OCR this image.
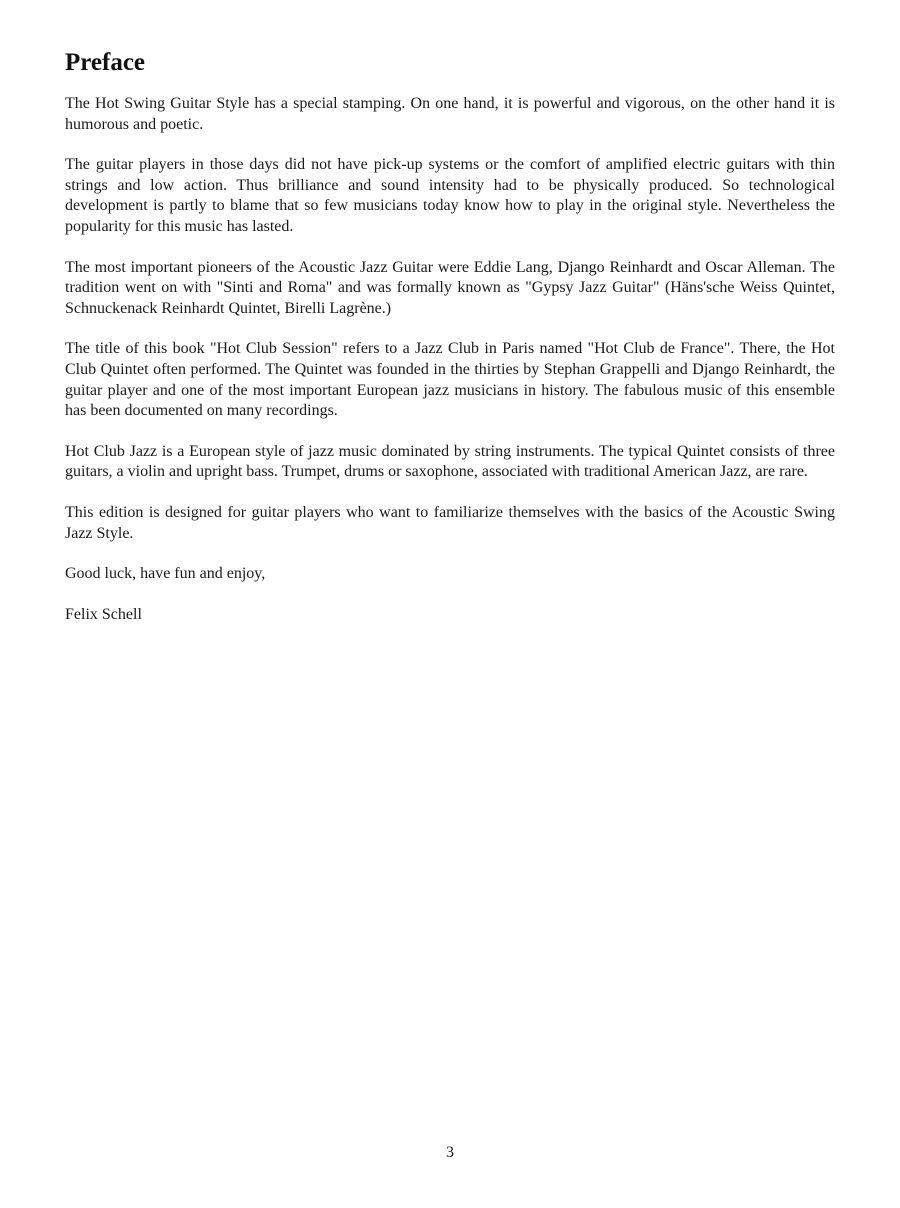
Preface

The Hot Swing Guitar Style has a special stamping. On one hand, it is powerful and vigorous, on the other hand it is humorous and poetic.

The guitar players in those days did not have pick-up systems or the comfort of amplified electric guitars with thin strings and low action. Thus brilliance and sound intensity had to be physically produced. So technological development is partly to blame that so few musicians today know how to play in the original style. Nevertheless the popularity for this music has lasted.

The most important pioneers of the Acoustic Jazz Guitar were Eddie Lang, Django Reinhardt and Oscar Alleman. The tradition went on with "Sinti and Roma" and was formally known as "Gypsy Jazz Guitar" (Häns'sche Weiss Quintet, Schnuckenack Reinhardt Quintet, Birelli Lagrène.)

The title of this book "Hot Club Session" refers to a Jazz Club in Paris named "Hot Club de France". There, the Hot Club Quintet often performed. The Quintet was founded in the thirties by Stephan Grappelli and Django Reinhardt, the guitar player and one of the most important European jazz musicians in history. The fabulous music of this ensemble has been documented on many recordings.

Hot Club Jazz is a European style of jazz music dominated by string instruments. The typical Quintet consists of three guitars, a violin and upright bass. Trumpet, drums or saxophone, associated with traditional American Jazz, are rare.

This edition is designed for guitar players who want to familiarize themselves with the basics of the Acoustic Swing Jazz Style.

Good luck, have fun and enjoy,

Felix Schell

3
